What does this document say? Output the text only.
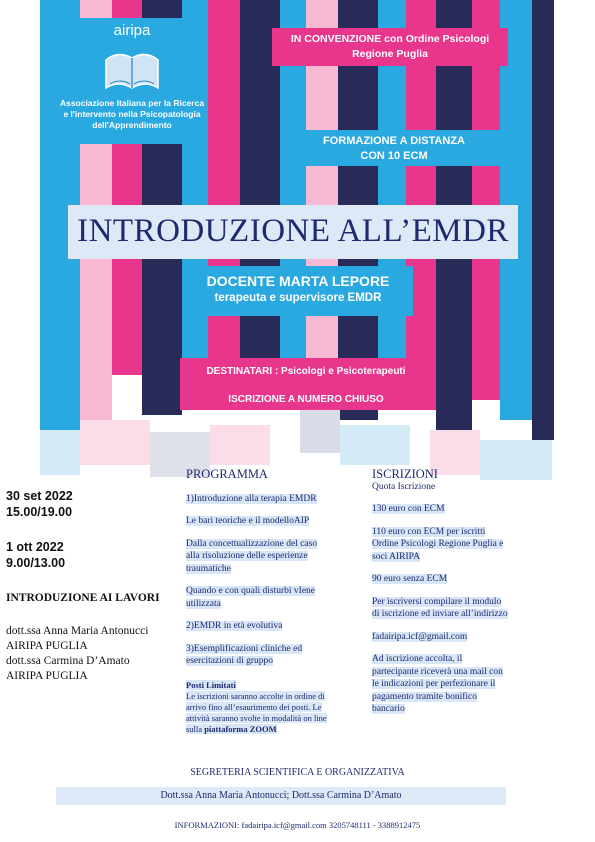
airipa
Associazione Italiana per la Ricerca
e l'intervento nella Psicopatologia
dell'Apprendimento
IN CONVENZIONE con Ordine Psicologi
Regione Puglia
FORMAZIONE A DISTANZA
CON 10 ECM
INTRODUZIONE ALL’EMDR
DOCENTE MARTA LEPORE
terapeuta e supervisore EMDR
DESTINATARI : Psicologi e Psicoterapeuti
ISCRIZIONE A NUMERO CHIUSO
30 set 2022
15.00/19.00
1 ott 2022
9.00/13.00
INTRODUZIONE AI LAVORI
dott.ssa Anna Maria Antonucci
AIRIPA PUGLIA
dott.ssa Carmina D’Amato
AIRIPA PUGLIA
PROGRAMMA
1)Introduzione alla terapia EMDR
Le bari teoriche e il modelloAIP
Dalla concettualizzazione del caso
alla risoluzione delle esperienze
traumatiche
Quando e con quali disturbi vIene
utilizzata
2)EMDR in età evolutiva
3)Esemplificazioni cliniche ed
esercitazioni di gruppo
Posti Limitati
Le iscrizioni saranno accolte in ordine di
arrivo fino all’esaurimento dei posti. Le
attività saranno svolte in modalità on line
sulla piattaforma ZOOM
ISCRIZIONI
Quota Iscrizione
130 euro con ECM
110 euro con ECM per iscritti
Ordine Psicologi Regione Puglia e
soci AIRIPA
90 euro senza ECM
Per iscriversi compilare il modulo
di iscrizione ed inviare all’indirizzo
fadairipa.icf@gmail.com
Ad iscrizione accolta, il
partecipante riceverà una mail con
le indicazioni per perfezionare il
pagamento tramite bonifico
bancario
SEGRETERIA SCIENTIFICA E ORGANIZZATIVA
Dott.ssa Anna Maria Antonucci; Dott.ssa Carmina D’Amato
INFORMAZIONI: fadairipa.icf@gmail.com 3205748111 - 3388912475
